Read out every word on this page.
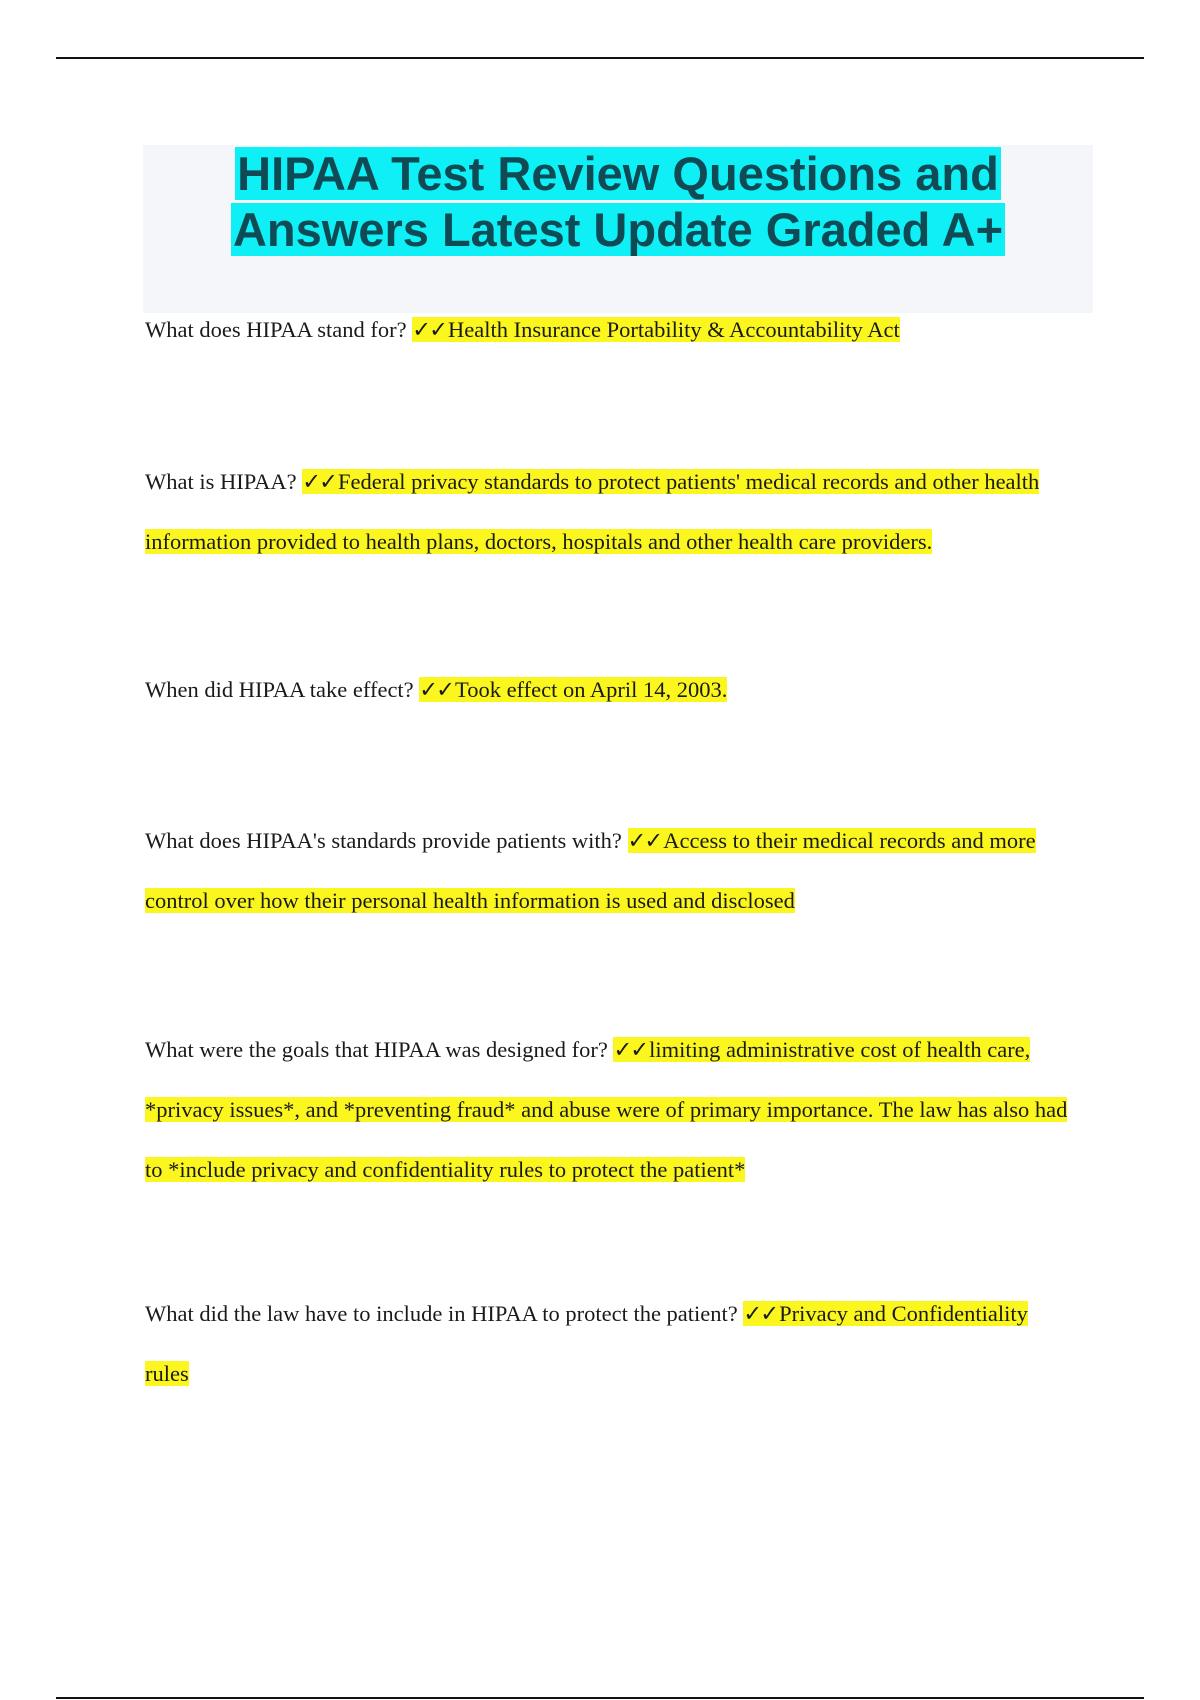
HIPAA Test Review Questions and Answers Latest Update Graded A+

What does HIPAA stand for? ✓✓Health Insurance Portability & Accountability Act

What is HIPAA? ✓✓Federal privacy standards to protect patients' medical records and other health information provided to health plans, doctors, hospitals and other health care providers.

When did HIPAA take effect? ✓✓Took effect on April 14, 2003.

What does HIPAA's standards provide patients with? ✓✓Access to their medical records and more control over how their personal health information is used and disclosed

What were the goals that HIPAA was designed for? ✓✓limiting administrative cost of health care, *privacy issues*, and *preventing fraud* and abuse were of primary importance. The law has also had to *include privacy and confidentiality rules to protect the patient*

What did the law have to include in HIPAA to protect the patient? ✓✓Privacy and Confidentiality rules
